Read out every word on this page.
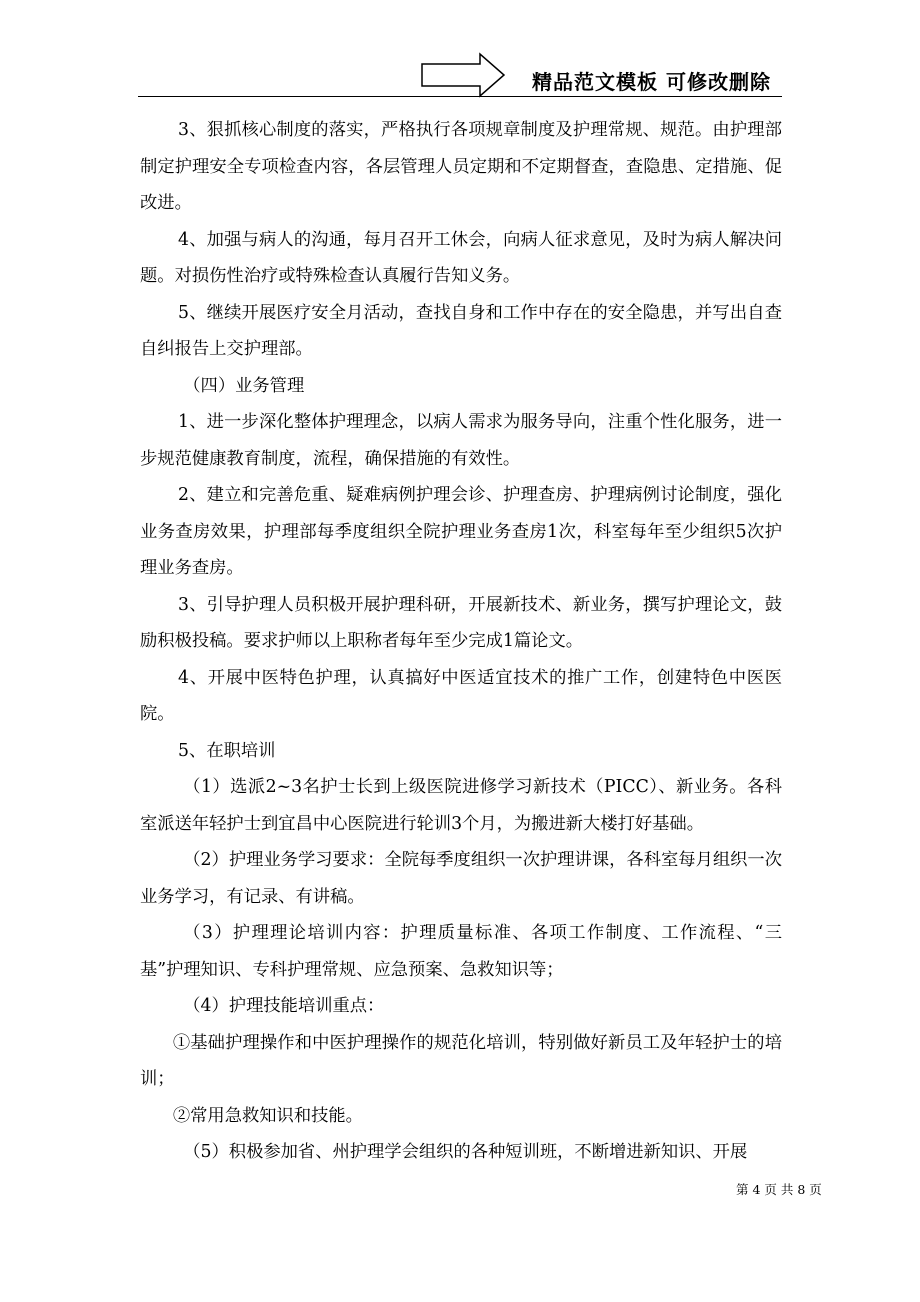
精品范文模板 可修改删除

3、狠抓核心制度的落实，严格执行各项规章制度及护理常规、规范。由护理部制定护理安全专项检查内容，各层管理人员定期和不定期督查，查隐患、定措施、促改进。

4、加强与病人的沟通，每月召开工休会，向病人征求意见，及时为病人解决问题。对损伤性治疗或特殊检查认真履行告知义务。

5、继续开展医疗安全月活动，查找自身和工作中存在的安全隐患，并写出自查自纠报告上交护理部。

（四）业务管理

1、进一步深化整体护理理念，以病人需求为服务导向，注重个性化服务，进一步规范健康教育制度，流程，确保措施的有效性。

2、建立和完善危重、疑难病例护理会诊、护理查房、护理病例讨论制度，强化业务查房效果，护理部每季度组织全院护理业务查房1次，科室每年至少组织5次护理业务查房。

3、引导护理人员积极开展护理科研，开展新技术、新业务，撰写护理论文，鼓励积极投稿。要求护师以上职称者每年至少完成1篇论文。

4、开展中医特色护理，认真搞好中医适宜技术的推广工作，创建特色中医医院。

5、在职培训

（1）选派2~3名护士长到上级医院进修学习新技术（PICC）、新业务。各科室派送年轻护士到宜昌中心医院进行轮训3个月，为搬进新大楼打好基础。

（2）护理业务学习要求：全院每季度组织一次护理讲课，各科室每月组织一次业务学习，有记录、有讲稿。

（3）护理理论培训内容：护理质量标准、各项工作制度、工作流程、“三基”护理知识、专科护理常规、应急预案、急救知识等；

（4）护理技能培训重点：

①基础护理操作和中医护理操作的规范化培训，特别做好新员工及年轻护士的培训；

②常用急救知识和技能。

（5）积极参加省、州护理学会组织的各种短训班，不断增进新知识、开展

第 4 页 共 8 页
